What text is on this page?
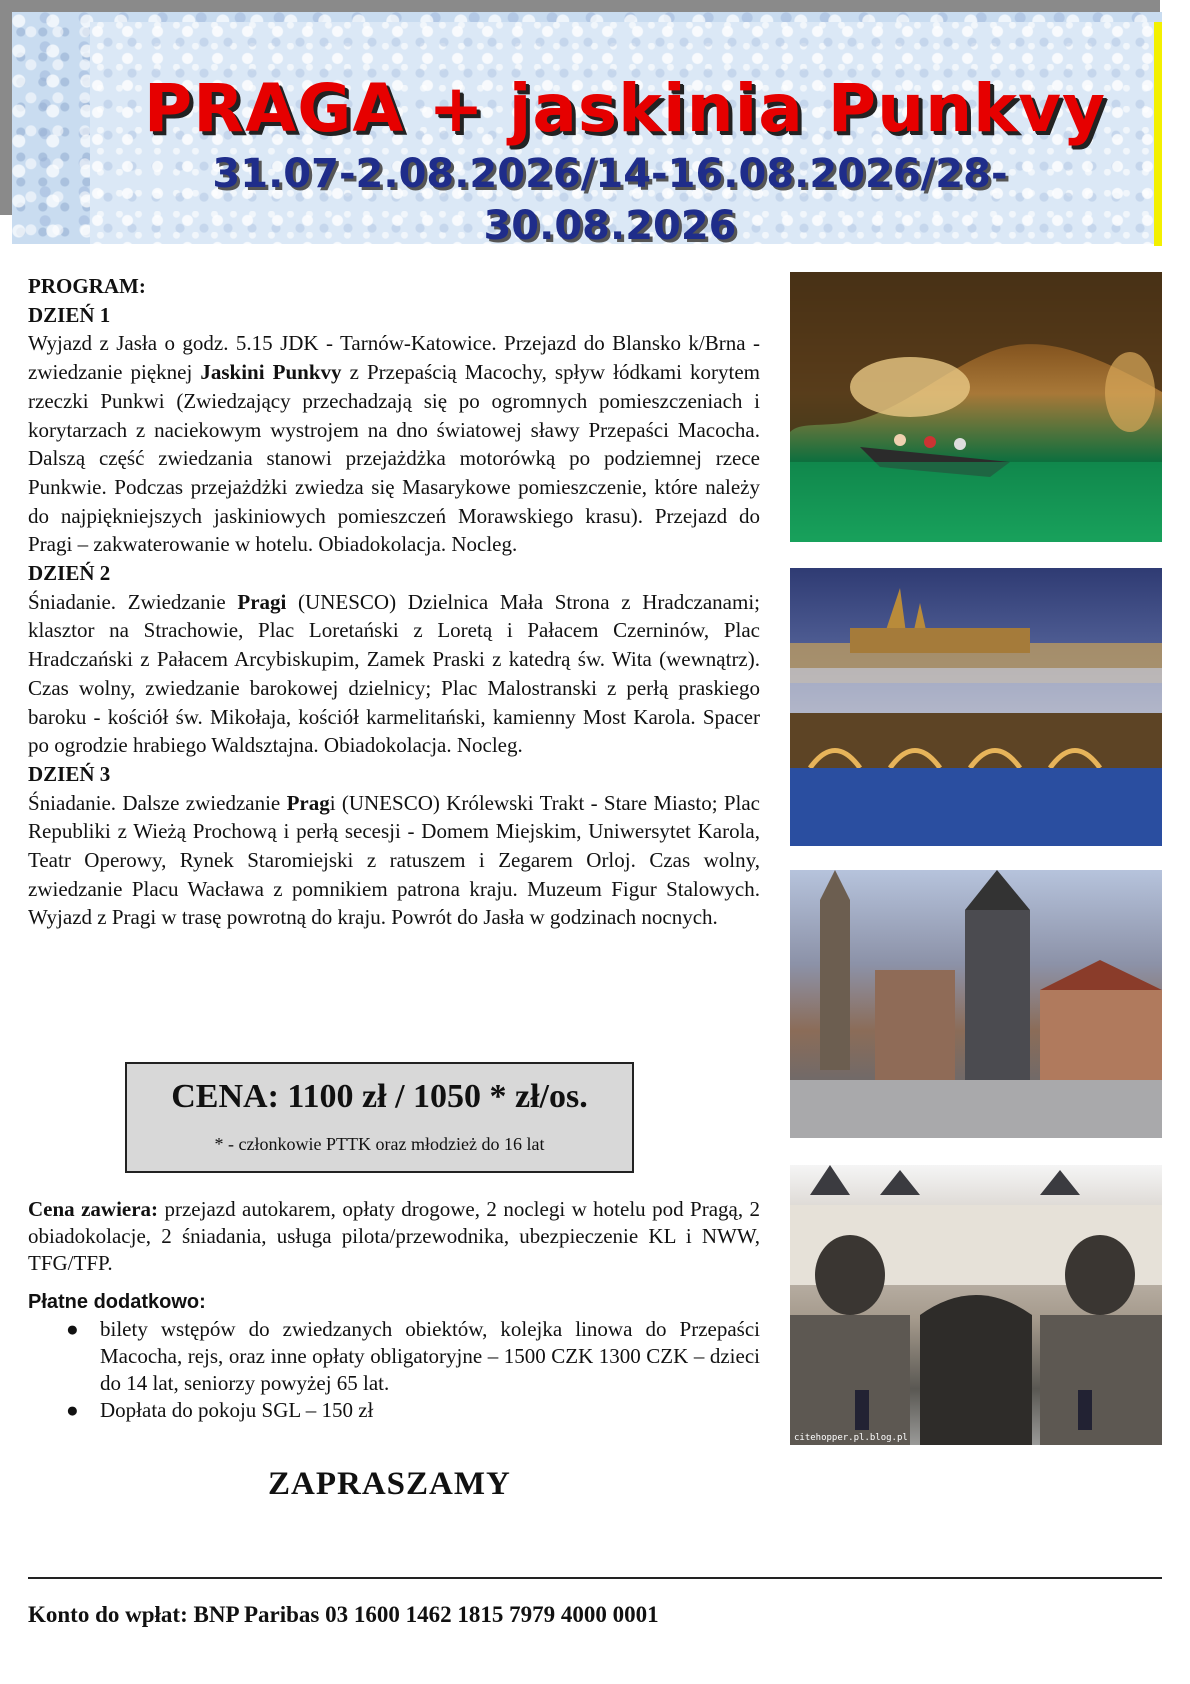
PRAGA + jaskinia Punkvy
31.07-2.08.2026/14-16.08.2026/28-
30.08.2026

PROGRAM:

DZIEŃ 1

Wyjazd z Jasła o godz. 5.15 JDK - Tarnów-Katowice. Przejazd do Blansko k/Brna - zwiedzanie pięknej Jaskini Punkvy z Przepaścią Macochy, spływ łódkami korytem rzeczki Punkwi (Zwiedzający przechadzają się po ogromnych pomieszczeniach i korytarzach z naciekowym wystrojem na dno światowej sławy Przepaści Macocha. Dalszą część zwiedzania stanowi przejażdżka motorówką po podziemnej rzece Punkwie. Podczas przejażdżki zwiedza się Masarykowe pomieszczenie, które należy do najpiękniejszych jaskiniowych pomieszczeń Morawskiego krasu). Przejazd do Pragi – zakwaterowanie w hotelu. Obiadokolacja. Nocleg.

DZIEŃ 2

Śniadanie. Zwiedzanie Pragi (UNESCO) Dzielnica Mała Strona z Hradczanami; klasztor na Strachowie, Plac Loretański z Loretą i Pałacem Czerninów, Plac Hradczański z Pałacem Arcybiskupim, Zamek Praski z katedrą św. Wita (wewnątrz). Czas wolny, zwiedzanie barokowej dzielnicy; Plac Malostranski z perłą praskiego baroku - kościół św. Mikołaja, kościół karmelitański, kamienny Most Karola. Spacer po ogrodzie hrabiego Waldsztajna. Obiadokolacja. Nocleg.

DZIEŃ 3

Śniadanie. Dalsze zwiedzanie Pragi (UNESCO) Królewski Trakt - Stare Miasto; Plac Republiki z Wieżą Prochową i perłą secesji - Domem Miejskim, Uniwersytet Karola, Teatr Operowy, Rynek Staromiejski z ratuszem i Zegarem Orloj. Czas wolny, zwiedzanie Placu Wacława z pomnikiem patrona kraju. Muzeum Figur Stalowych. Wyjazd z Pragi w trasę powrotną do kraju. Powrót do Jasła w godzinach nocnych.

CENA: 1100 zł / 1050 * zł/os.
* - członkowie PTTK oraz młodzież do 16 lat
Cena zawiera: przejazd autokarem, opłaty drogowe, 2 noclegi w hotelu pod Pragą, 2 obiadokolacje, 2 śniadania, usługa pilota/przewodnika, ubezpieczenie KL i NWW, TFG/TFP.
Płatne dodatkowo:
● bilety wstępów do zwiedzanych obiektów, kolejka linowa do Przepaści Macocha, rejs, oraz inne opłaty obligatoryjne – 1500 CZK 1300 CZK – dzieci do 14 lat, seniorzy powyżej 65 lat.
● Dopłata do pokoju SGL – 150 zł
ZAPRASZAMY
Konto do wpłat: BNP Paribas 03 1600 1462 1815 7979 4000 0001
citehopper.pl.blog.pl
